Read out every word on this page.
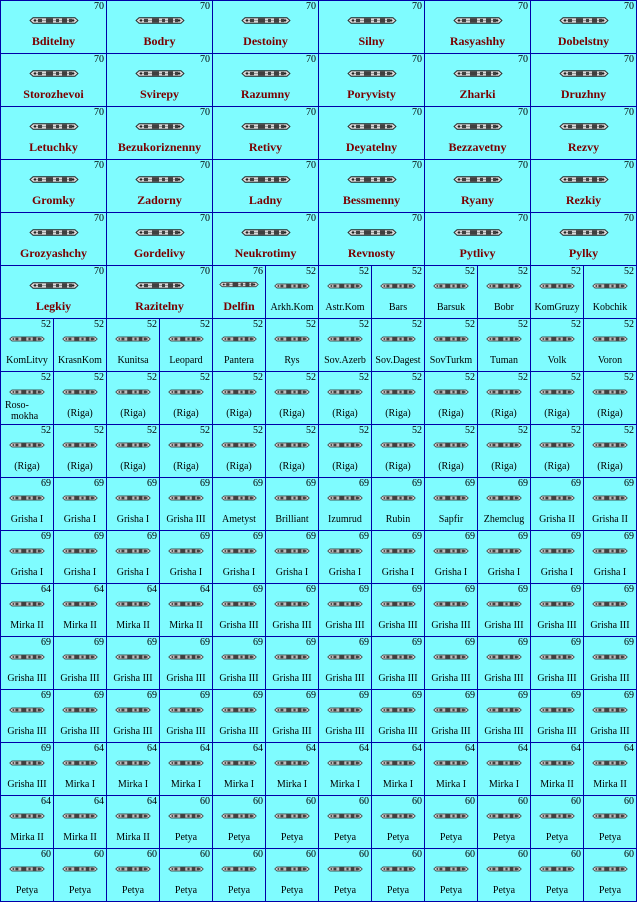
70
Bditelny
70
Bodry
70
Destoiny
70
Silny
70
Rasyashhy
70
Dobelstny
70
Storozhevoi
70
Svirepy
70
Razumny
70
Poryvisty
70
Zharki
70
Druzhny
70
Letuchky
70
Bezukoriznenny
70
Retivy
70
Deyatelny
70
Bezzavetny
70
Rezvy
70
Gromky
70
Zadorny
70
Ladny
70
Bessmenny
70
Ryany
70
Rezkiy
70
Grozyashchy
70
Gordelivy
70
Neukrotimy
70
Revnosty
70
Pytlivy
70
Pylky
70
Legkiy
70
Razitelny
76
Delfin
52
Arkh.Kom
52
Astr.Kom
52
Bars
52
Barsuk
52
Bobr
52
KomGruzy
52
Kobchik
52
KomLitvy
52
KrasnKom
52
Kunitsa
52
Leopard
52
Pantera
52
Rys
52
Sov.Azerb
52
Sov.Dagest
52
SovTurkm
52
Tuman
52
Volk
52
Voron
52
Roso-
mokha
52
(Riga)
52
(Riga)
52
(Riga)
52
(Riga)
52
(Riga)
52
(Riga)
52
(Riga)
52
(Riga)
52
(Riga)
52
(Riga)
52
(Riga)
52
(Riga)
52
(Riga)
52
(Riga)
52
(Riga)
52
(Riga)
52
(Riga)
52
(Riga)
52
(Riga)
52
(Riga)
52
(Riga)
52
(Riga)
52
(Riga)
69
Grisha I
69
Grisha I
69
Grisha I
69
Grisha III
69
Ametyst
69
Brilliant
69
Izumrud
69
Rubin
69
Sapfir
69
Zhemclug
69
Grisha II
69
Grisha II
69
Grisha I
69
Grisha I
69
Grisha I
69
Grisha I
69
Grisha I
69
Grisha I
69
Grisha I
69
Grisha I
69
Grisha I
69
Grisha I
69
Grisha I
69
Grisha I
64
Mirka II
64
Mirka II
64
Mirka II
64
Mirka II
69
Grisha III
69
Grisha III
69
Grisha III
69
Grisha III
69
Grisha III
69
Grisha III
69
Grisha III
69
Grisha III
69
Grisha III
69
Grisha III
69
Grisha III
69
Grisha III
69
Grisha III
69
Grisha III
69
Grisha III
69
Grisha III
69
Grisha III
69
Grisha III
69
Grisha III
69
Grisha III
69
Grisha III
69
Grisha III
69
Grisha III
69
Grisha III
69
Grisha III
69
Grisha III
69
Grisha III
69
Grisha III
69
Grisha III
69
Grisha III
69
Grisha III
69
Grisha III
69
Grisha III
64
Mirka I
64
Mirka I
64
Mirka I
64
Mirka I
64
Mirka I
64
Mirka I
64
Mirka I
64
Mirka I
64
Mirka I
64
Mirka II
64
Mirka II
64
Mirka II
64
Mirka II
64
Mirka II
60
Petya
60
Petya
60
Petya
60
Petya
60
Petya
60
Petya
60
Petya
60
Petya
60
Petya
60
Petya
60
Petya
60
Petya
60
Petya
60
Petya
60
Petya
60
Petya
60
Petya
60
Petya
60
Petya
60
Petya
60
Petya
